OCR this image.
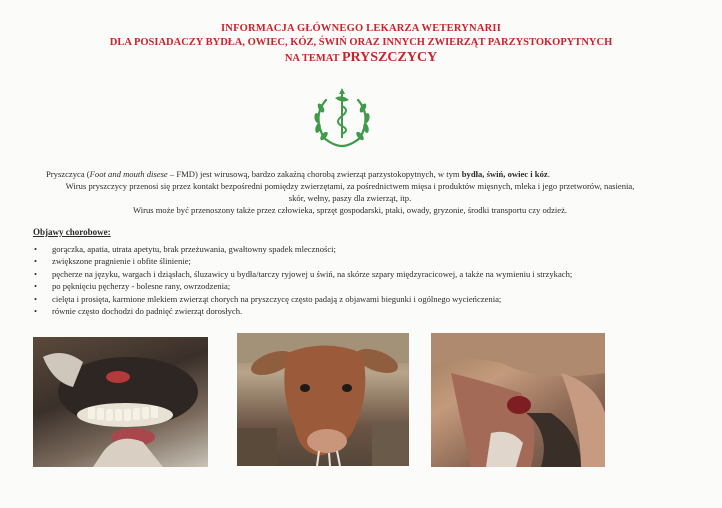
INFORMACJA GŁÓWNEGO LEKARZA WETERYNARII
DLA POSIADACZY BYDŁA, OWIEC, KÓZ, ŚWIŃ ORAZ INNYCH ZWIERZĄT PARZYSTOKOPYTNYCH
NA TEMAT PRYSZCZYCY

Pryszczyca (Foot and mouth disese – FMD) jest wirusową, bardzo zakaźną chorobą zwierząt parzystokopytnych, w tym bydła, świń, owiec i kóz.

Wirus pryszczycy przenosi się przez kontakt bezpośredni pomiędzy zwierzętami, za pośrednictwem mięsa i produktów mięsnych, mleka i jego przetworów, nasienia, skór, wełny, paszy dla zwierząt, itp.

Wirus może być przenoszony także przez człowieka, sprzęt gospodarski, ptaki, owady, gryzonie, środki transportu czy odzież.

Objawy chorobowe:
• gorączka, apatia, utrata apetytu, brak przeżuwania, gwałtowny spadek mleczności;
• zwiększone pragnienie i obfite ślinienie;
• pęcherze na języku, wargach i dziąsłach, śluzawicy u bydła/tarczy ryjowej u świń, na skórze szpary międzyracicowej, a także na wymieniu i strzykach;
• po pęknięciu pęcherzy - bolesne rany, owrzodzenia;
• cielęta i prosięta, karmione mlekiem zwierząt chorych na pryszczycę często padają z objawami biegunki i ogólnego wycieńczenia;
• równie często dochodzi do padnięć zwierząt dorosłych.
